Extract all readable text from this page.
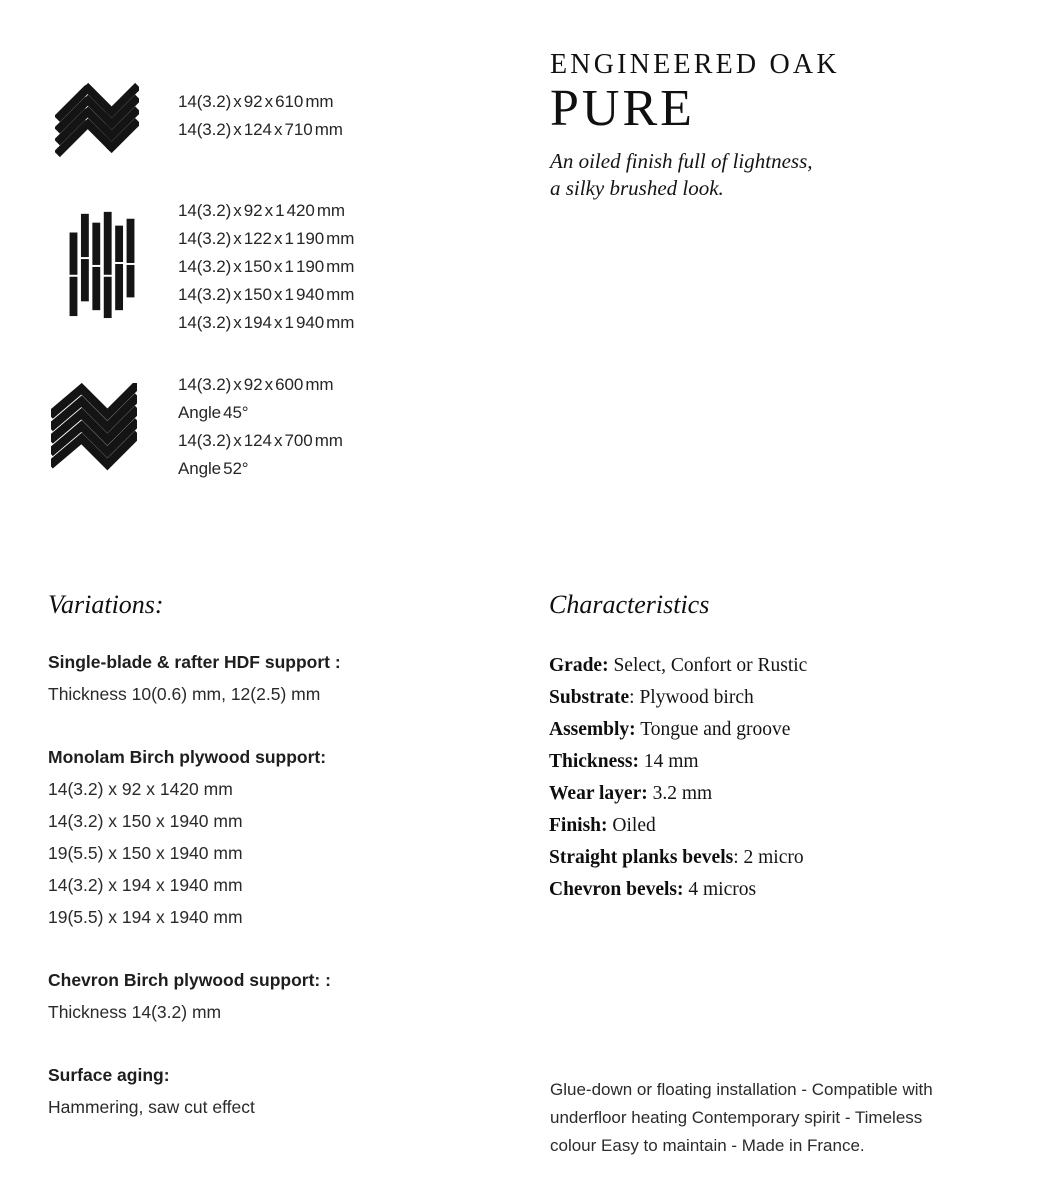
14(3.2) x 92 x 610 mm
14(3.2) x 124 x 710 mm
14(3.2) x 92 x 1 420 mm
14(3.2) x 122 x 1 190 mm
14(3.2) x 150 x 1 190 mm
14(3.2) x 150 x 1 940 mm
14(3.2) x 194 x 1 940 mm
14(3.2) x 92 x 600 mm
Angle 45°
14(3.2) x 124 x 700 mm
Angle 52°
ENGINEERED OAK
PURE
An oiled finish full of lightness,
a silky brushed look.
Variations:
Single-blade & rafter HDF support :
Thickness 10(0.6) mm, 12(2.5) mm
Monolam Birch plywood support:
14(3.2) x 92 x 1420 mm
14(3.2) x 150 x 1940 mm
19(5.5) x 150 x 1940 mm
14(3.2) x 194 x 1940 mm
19(5.5) x 194 x 1940 mm
Chevron Birch plywood support: :
Thickness 14(3.2) mm
Surface aging:
Hammering, saw cut effect
Characteristics
Grade: Select, Confort or Rustic
Substrate: Plywood birch
Assembly: Tongue and groove
Thickness: 14 mm
Wear layer: 3.2 mm
Finish: Oiled
Straight planks bevels: 2 micro
Chevron bevels: 4 micros
Glue-down or floating installation - Compatible with underfloor heating Contemporary spirit - Timeless colour Easy to maintain - Made in France.
